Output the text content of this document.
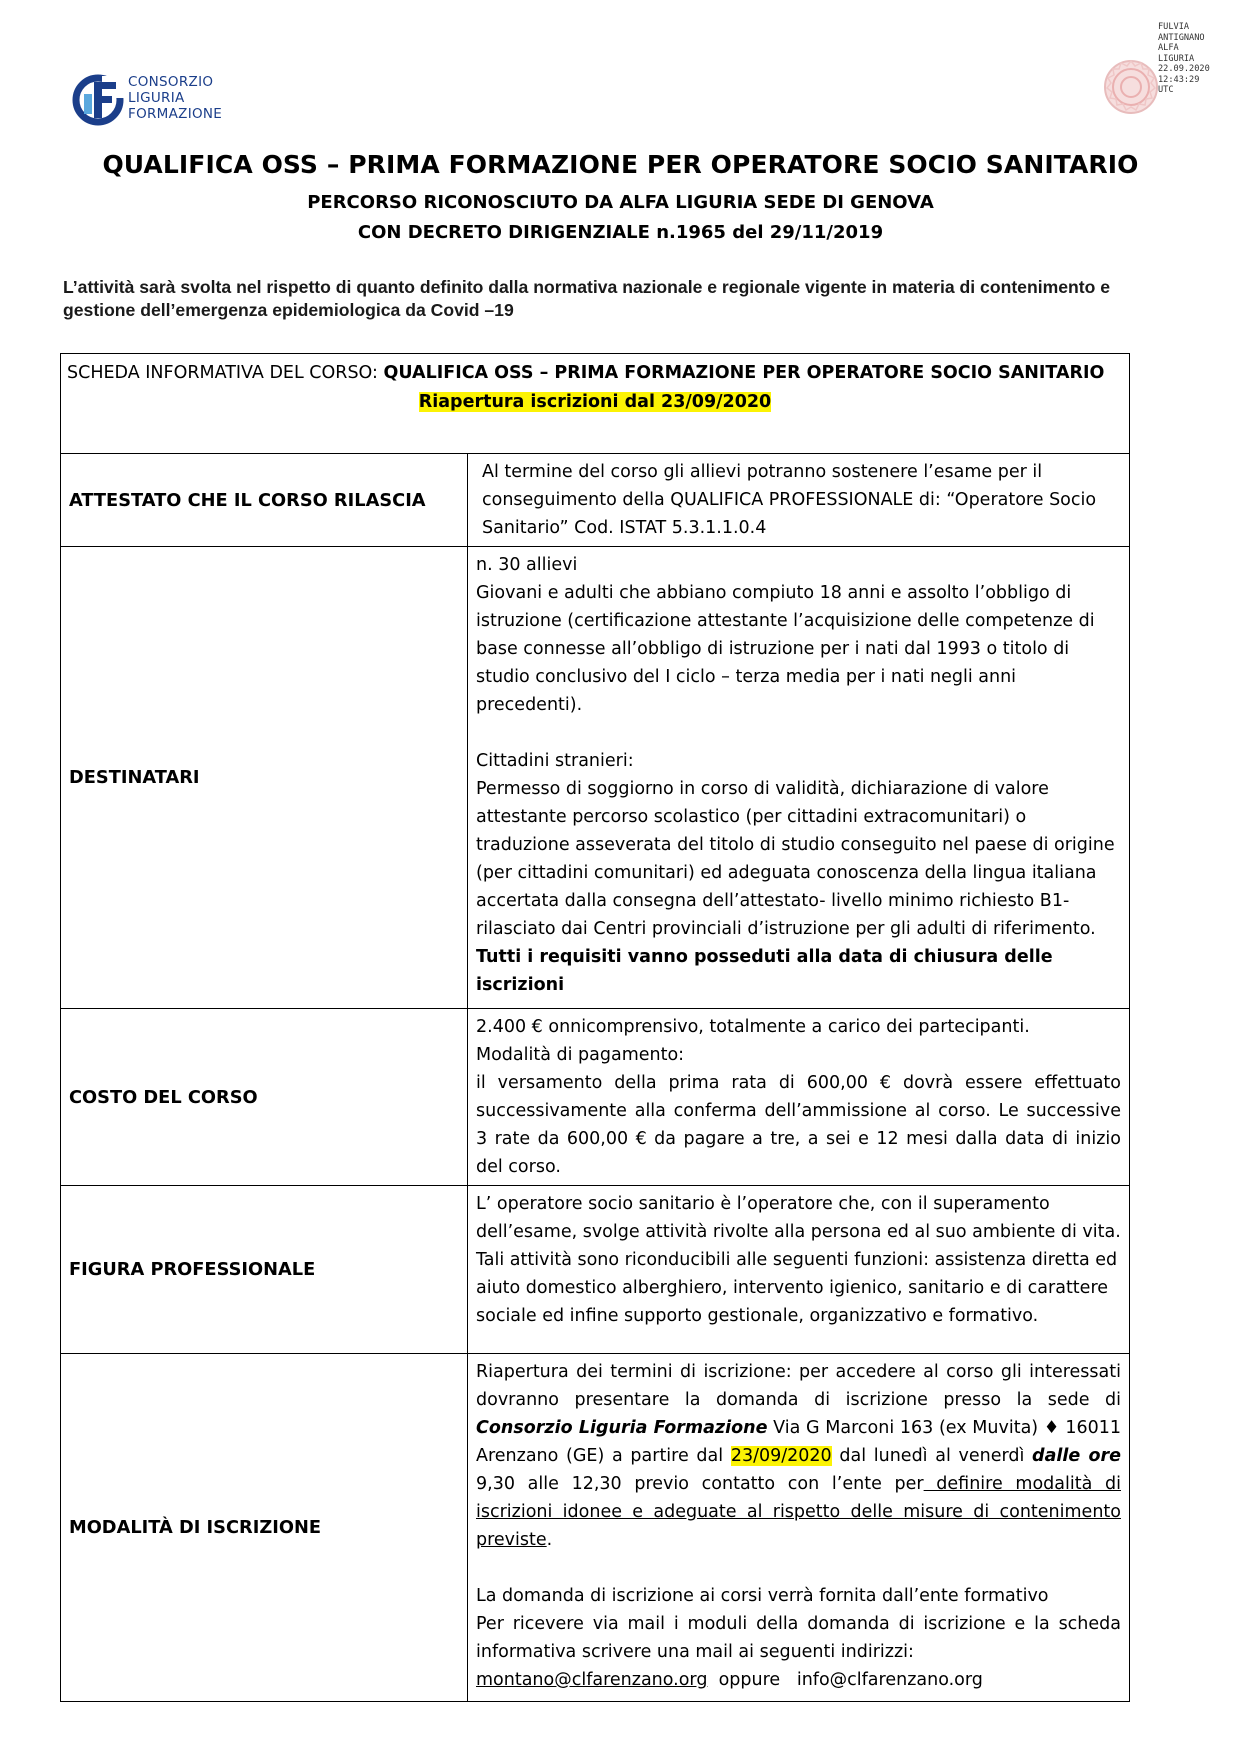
CONSORZIO
LIGURIA
FORMAZIONE
FULVIA
ANTIGNANO
ALFA
LIGURIA
22.09.2020
12:43:29
UTC
QUALIFICA OSS – PRIMA FORMAZIONE PER OPERATORE SOCIO SANITARIO
PERCORSO RICONOSCIUTO DA ALFA LIGURIA SEDE DI GENOVA
CON DECRETO DIRIGENZIALE n.1965 del 29/11/2019
L’attività sarà svolta nel rispetto di quanto definito dalla normativa nazionale e regionale vigente in materia di contenimento e gestione dell’emergenza epidemiologica da Covid –19
SCHEDA INFORMATIVA DEL CORSO: QUALIFICA OSS – PRIMA FORMAZIONE PER OPERATORE SOCIO SANITARIO
Riapertura iscrizioni dal 23/09/2020	

ATTESTATO CHE IL CORSO RILASCIA	Al termine del corso gli allievi potranno sostenere l’esame per il conseguimento della QUALIFICA PROFESSIONALE di: “Operatore Socio Sanitario” Cod. ISTAT 5.3.1.1.0.4

DESTINATARI	n. 30 allievi

Giovani e adulti che abbiano compiuto 18 anni e assolto l’obbligo di istruzione (certificazione attestante l’acquisizione delle competenze di base connesse all’obbligo di istruzione per i nati dal 1993 o titolo di studio conclusivo del I ciclo – terza media per i nati negli anni precedenti).

Cittadini stranieri:

Permesso di soggiorno in corso di validità, dichiarazione di valore attestante percorso scolastico (per cittadini extracomunitari) o traduzione asseverata del titolo di studio conseguito nel paese di origine (per cittadini comunitari) ed adeguata conoscenza della lingua italiana accertata dalla consegna dell’attestato- livello minimo richiesto B1- rilasciato dai Centri provinciali d’istruzione per gli adulti di riferimento.

Tutti i requisiti vanno posseduti alla data di chiusura delle iscrizioni

COSTO DEL CORSO	2.400 € onnicomprensivo, totalmente a carico dei partecipanti.

Modalità di pagamento:

il versamento della prima rata di 600,00 € dovrà essere effettuato successivamente alla conferma dell’ammissione al corso. Le successive 3 rate da 600,00 € da pagare a tre, a sei e 12 mesi dalla data di inizio del corso.

FIGURA PROFESSIONALE	L’ operatore socio sanitario è l’operatore che, con il superamento dell’esame, svolge attività rivolte alla persona ed al suo ambiente di vita. Tali attività sono riconducibili alle seguenti funzioni: assistenza diretta ed aiuto domestico alberghiero, intervento igienico, sanitario e di carattere sociale ed infine supporto gestionale, organizzativo e formativo.

MODALITÀ DI ISCRIZIONE	Riapertura dei termini di iscrizione: per accedere al corso gli interessati dovranno presentare la domanda di iscrizione presso la sede di Consorzio Liguria Formazione Via G Marconi 163 (ex Muvita) ♦ 16011 Arenzano (GE) a partire dal 23/09/2020 dal lunedì al venerdì dalle ore 9,30 alle 12,30 previo contatto con l’ente per definire modalità di iscrizioni idonee e adeguate al rispetto delle misure di contenimento previste.

La domanda di iscrizione ai corsi verrà fornita dall’ente formativo

Per ricevere via mail i moduli della domanda di iscrizione e la scheda informativa scrivere una mail ai seguenti indirizzi:

montano@clfarenzano.org  oppure   info@clfarenzano.org
